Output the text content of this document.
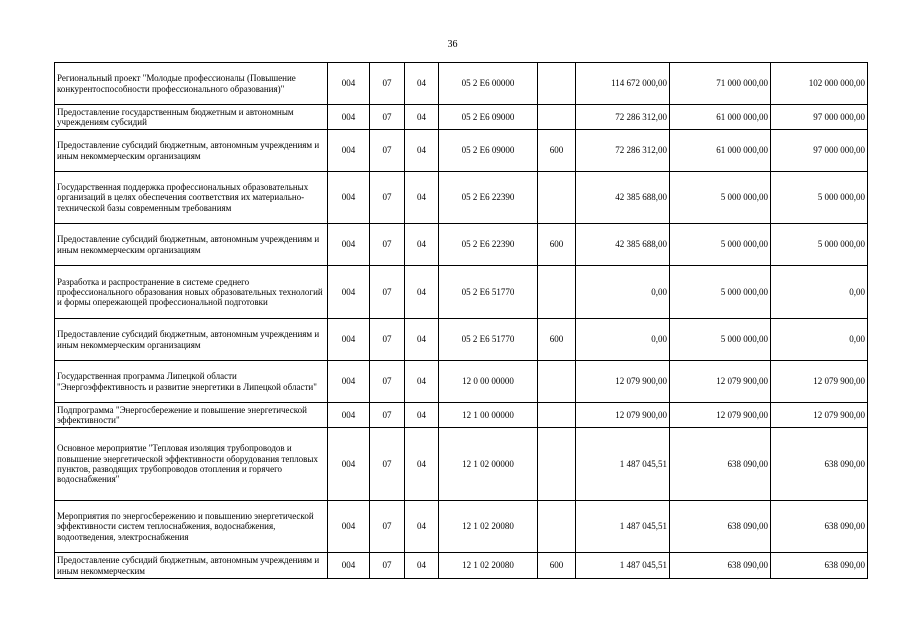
36
Региональный проект "Молодые профессионалы (Повышение конкурентоспособности профессионального образования)"	004	07	04	05 2 E6 00000		114 672 000,00	71 000 000,00	102 000 000,00
Предоставление государственным бюджетным и автономным учреждениям субсидий	004	07	04	05 2 E6 09000		72 286 312,00	61 000 000,00	97 000 000,00
Предоставление субсидий бюджетным, автономным учреждениям и иным некоммерческим организациям	004	07	04	05 2 E6 09000	600	72 286 312,00	61 000 000,00	97 000 000,00
Государственная поддержка профессиональных образовательных организаций в целях обеспечения соответствия их материально-технической базы современным требованиям	004	07	04	05 2 E6 22390		42 385 688,00	5 000 000,00	5 000 000,00
Предоставление субсидий бюджетным, автономным учреждениям и иным некоммерческим организациям	004	07	04	05 2 E6 22390	600	42 385 688,00	5 000 000,00	5 000 000,00
Разработка и распространение в системе среднего профессионального образования новых образовательных технологий и формы опережающей профессиональной подготовки	004	07	04	05 2 E6 51770		0,00	5 000 000,00	0,00
Предоставление субсидий бюджетным, автономным учреждениям и иным некоммерческим организациям	004	07	04	05 2 E6 51770	600	0,00	5 000 000,00	0,00
Государственная программа Липецкой области "Энергоэффективность и развитие энергетики в Липецкой области"	004	07	04	12 0 00 00000		12 079 900,00	12 079 900,00	12 079 900,00
Подпрограмма "Энергосбережение и повышение энергетической эффективности"	004	07	04	12 1 00 00000		12 079 900,00	12 079 900,00	12 079 900,00
Основное мероприятие "Тепловая изоляция трубопроводов и повышение энергетической эффективности оборудования тепловых пунктов, разводящих трубопроводов отопления и горячего водоснабжения"	004	07	04	12 1 02 00000		1 487 045,51	638 090,00	638 090,00
Мероприятия по энергосбережению и повышению энергетической эффективности систем теплоснабжения, водоснабжения, водоотведения, электроснабжения	004	07	04	12 1 02 20080		1 487 045,51	638 090,00	638 090,00
Предоставление субсидий бюджетным, автономным учреждениям и иным некоммерческим	004	07	04	12 1 02 20080	600	1 487 045,51	638 090,00	638 090,00
